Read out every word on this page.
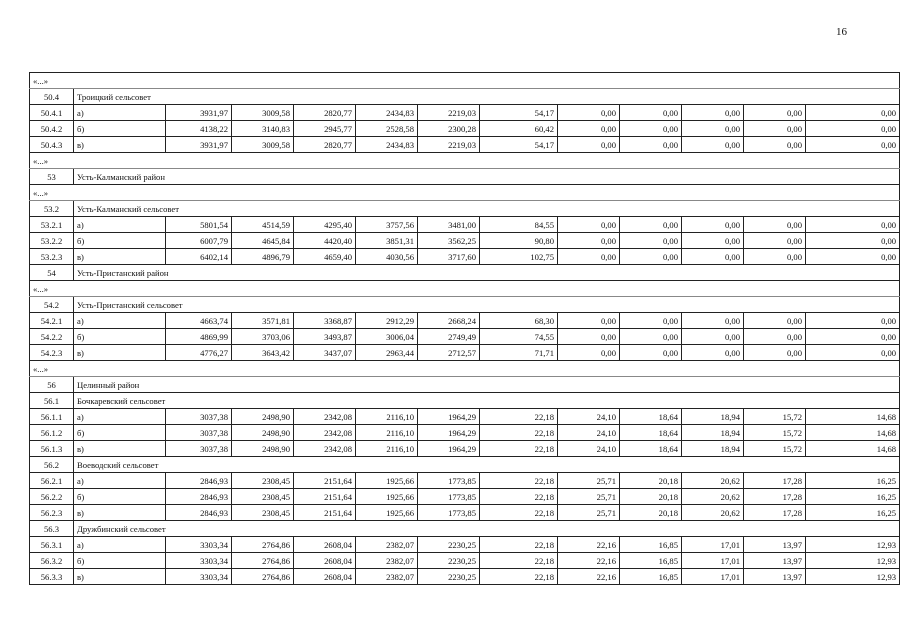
16
«...»												
50.4	Троицкий сельсовет											
50.4.1	а)	3931,97	3009,58	2820,77	2434,83	2219,03	54,17	0,00	0,00	0,00	0,00	0,00
50.4.2	б)	4138,22	3140,83	2945,77	2528,58	2300,28	60,42	0,00	0,00	0,00	0,00	0,00
50.4.3	в)	3931,97	3009,58	2820,77	2434,83	2219,03	54,17	0,00	0,00	0,00	0,00	0,00
«...»												
53	Усть-Калманский район											
«...»												
53.2	Усть-Калманский сельсовет											
53.2.1	а)	5801,54	4514,59	4295,40	3757,56	3481,00	84,55	0,00	0,00	0,00	0,00	0,00
53.2.2	б)	6007,79	4645,84	4420,40	3851,31	3562,25	90,80	0,00	0,00	0,00	0,00	0,00
53.2.3	в)	6402,14	4896,79	4659,40	4030,56	3717,60	102,75	0,00	0,00	0,00	0,00	0,00
54	Усть-Пристанский район											
«...»												
54.2	Усть-Пристанский сельсовет											
54.2.1	а)	4663,74	3571,81	3368,87	2912,29	2668,24	68,30	0,00	0,00	0,00	0,00	0,00
54.2.2	б)	4869,99	3703,06	3493,87	3006,04	2749,49	74,55	0,00	0,00	0,00	0,00	0,00
54.2.3	в)	4776,27	3643,42	3437,07	2963,44	2712,57	71,71	0,00	0,00	0,00	0,00	0,00
«...»												
56	Целинный район											
56.1	Бочкаревский сельсовет											
56.1.1	а)	3037,38	2498,90	2342,08	2116,10	1964,29	22,18	24,10	18,64	18,94	15,72	14,68
56.1.2	б)	3037,38	2498,90	2342,08	2116,10	1964,29	22,18	24,10	18,64	18,94	15,72	14,68
56.1.3	в)	3037,38	2498,90	2342,08	2116,10	1964,29	22,18	24,10	18,64	18,94	15,72	14,68
56.2	Воеводский сельсовет											
56.2.1	а)	2846,93	2308,45	2151,64	1925,66	1773,85	22,18	25,71	20,18	20,62	17,28	16,25
56.2.2	б)	2846,93	2308,45	2151,64	1925,66	1773,85	22,18	25,71	20,18	20,62	17,28	16,25
56.2.3	в)	2846,93	2308,45	2151,64	1925,66	1773,85	22,18	25,71	20,18	20,62	17,28	16,25
56.3	Дружбинский сельсовет											
56.3.1	а)	3303,34	2764,86	2608,04	2382,07	2230,25	22,18	22,16	16,85	17,01	13,97	12,93
56.3.2	б)	3303,34	2764,86	2608,04	2382,07	2230,25	22,18	22,16	16,85	17,01	13,97	12,93
56.3.3	в)	3303,34	2764,86	2608,04	2382,07	2230,25	22,18	22,16	16,85	17,01	13,97	12,93
